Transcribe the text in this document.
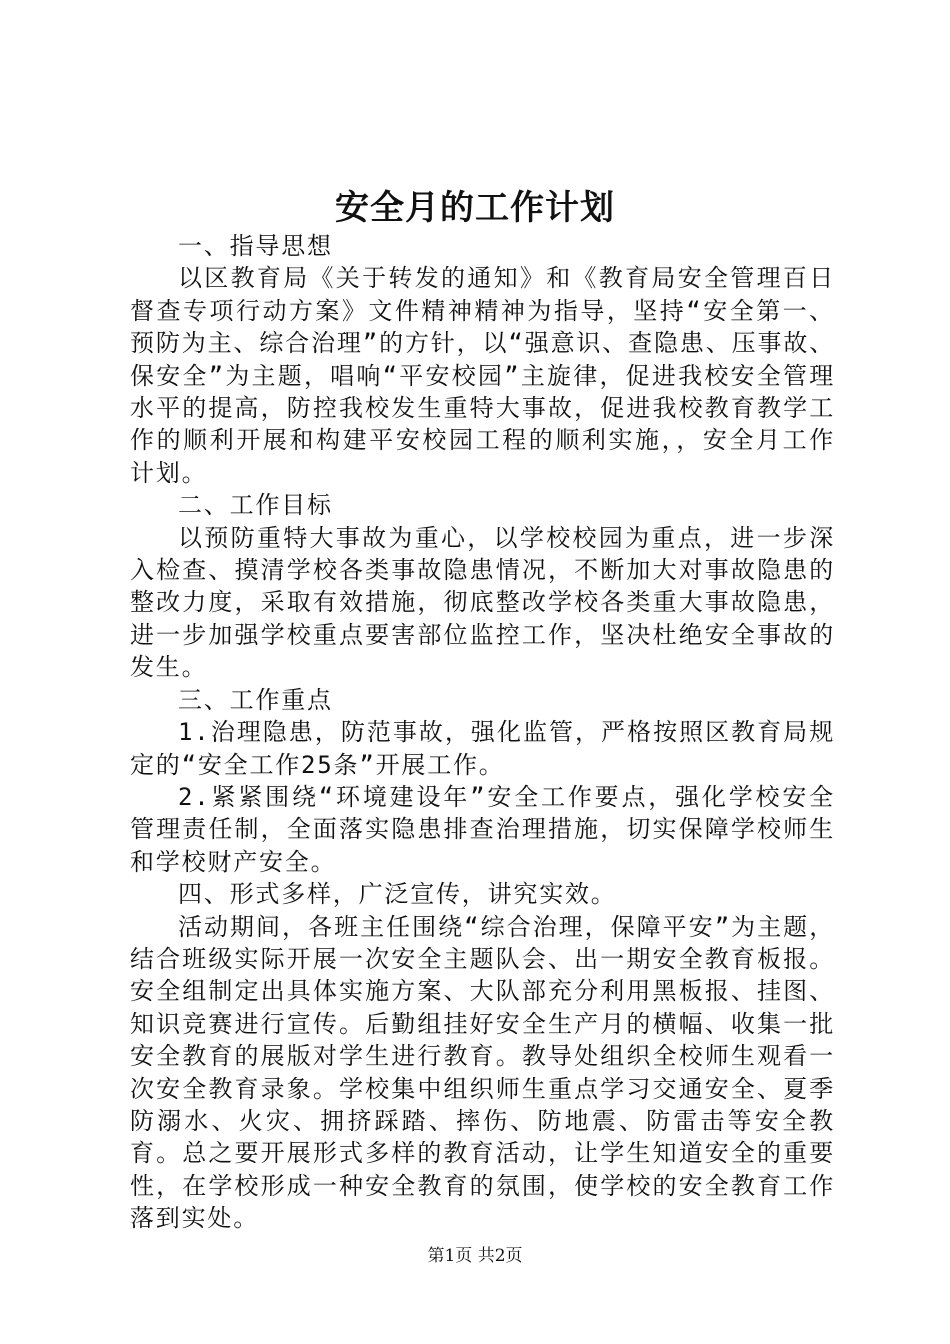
安全月的工作计划

一、指导思想

以区教育局《关于转发的通知》和《教育局安全管理百日督查专项行动方案》文件精神精神为指导，坚持“安全第一、预防为主、综合治理”的方针，以“强意识、查隐患、压事故、保安全”为主题，唱响“平安校园”主旋律，促进我校安全管理水平的提高，防控我校发生重特大事故，促进我校教育教学工作的顺利开展和构建平安校园工程的顺利实施，，安全月工作计划。

二、工作目标

以预防重特大事故为重心，以学校校园为重点，进一步深入检查、摸清学校各类事故隐患情况，不断加大对事故隐患的整改力度，采取有效措施，彻底整改学校各类重大事故隐患，进一步加强学校重点要害部位监控工作，坚决杜绝安全事故的发生。

三、工作重点

1.治理隐患，防范事故，强化监管，严格按照区教育局规定的“安全工作25条”开展工作。

2.紧紧围绕“环境建设年”安全工作要点，强化学校安全管理责任制，全面落实隐患排查治理措施，切实保障学校师生和学校财产安全。

四、形式多样，广泛宣传，讲究实效。

活动期间，各班主任围绕“综合治理，保障平安”为主题，结合班级实际开展一次安全主题队会、出一期安全教育板报。安全组制定出具体实施方案、大队部充分利用黑板报、挂图、知识竞赛进行宣传。后勤组挂好安全生产月的横幅、收集一批安全教育的展版对学生进行教育。教导处组织全校师生观看一次安全教育录象。学校集中组织师生重点学习交通安全、夏季防溺水、火灾、拥挤踩踏、摔伤、防地震、防雷击等安全教育。总之要开展形式多样的教育活动，让学生知道安全的重要性，在学校形成一种安全教育的氛围，使学校的安全教育工作落到实处。

第1页 共2页
